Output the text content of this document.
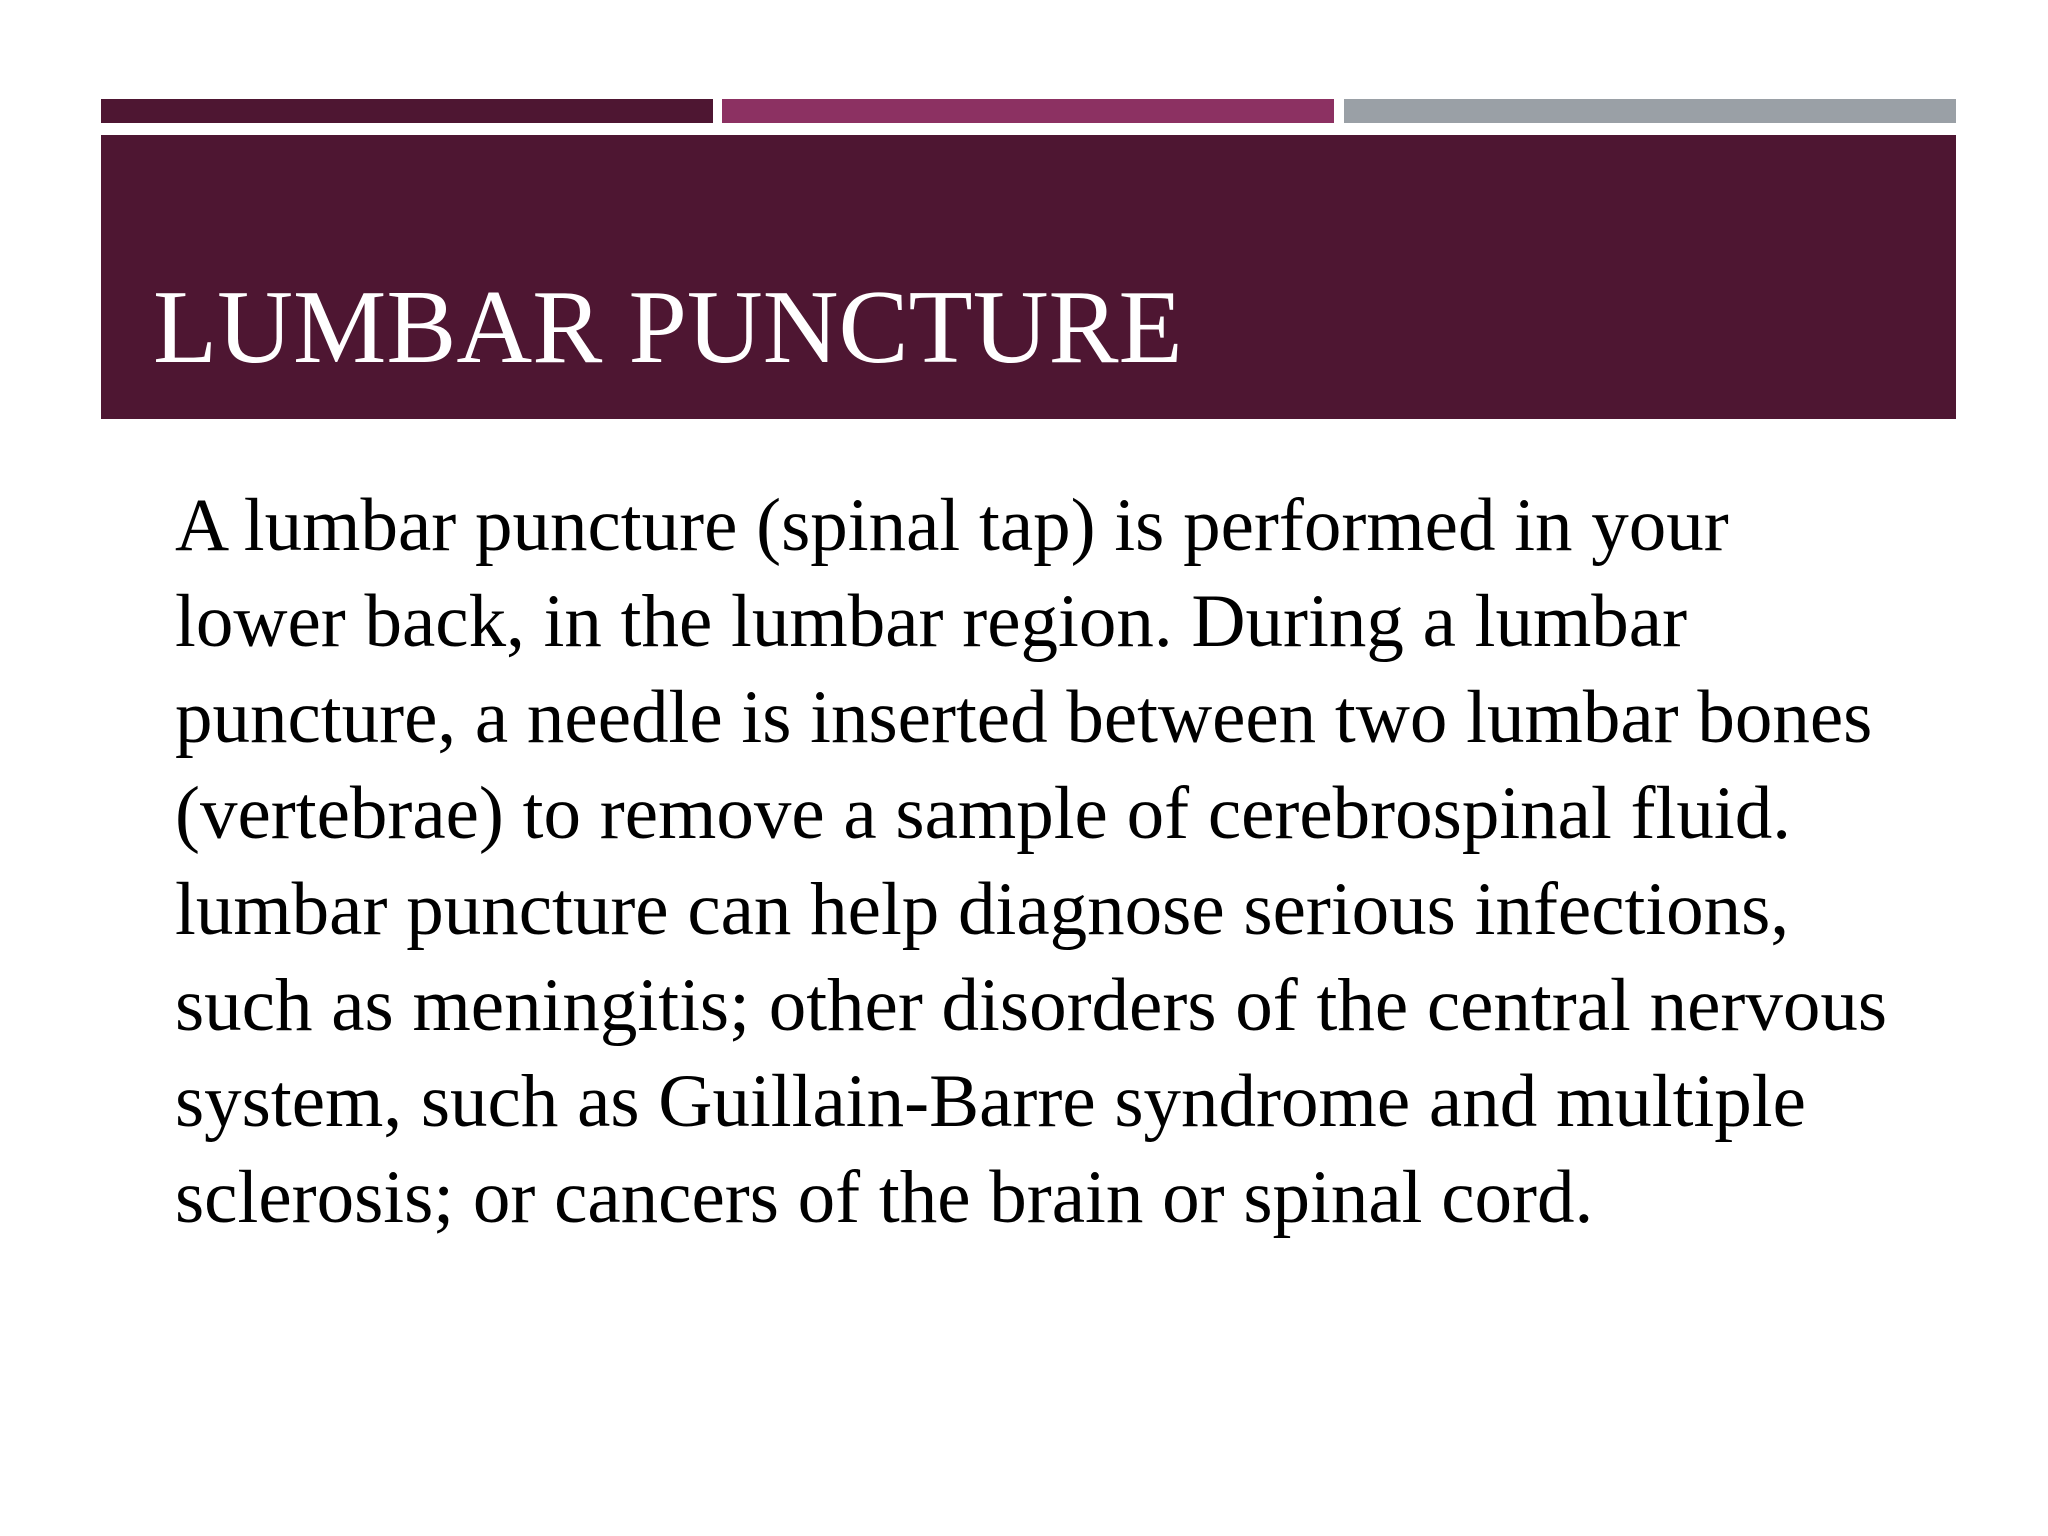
LUMBAR PUNCTURE

A lumbar puncture (spinal tap) is performed in your lower back, in the lumbar region. During a lumbar puncture, a needle is inserted between two lumbar bones (vertebrae) to remove a sample of cerebrospinal fluid.

lumbar puncture can help diagnose serious infections, such as meningitis; other disorders of the central nervous system, such as Guillain-Barre syndrome and multiple sclerosis; or cancers of the brain or spinal cord.
